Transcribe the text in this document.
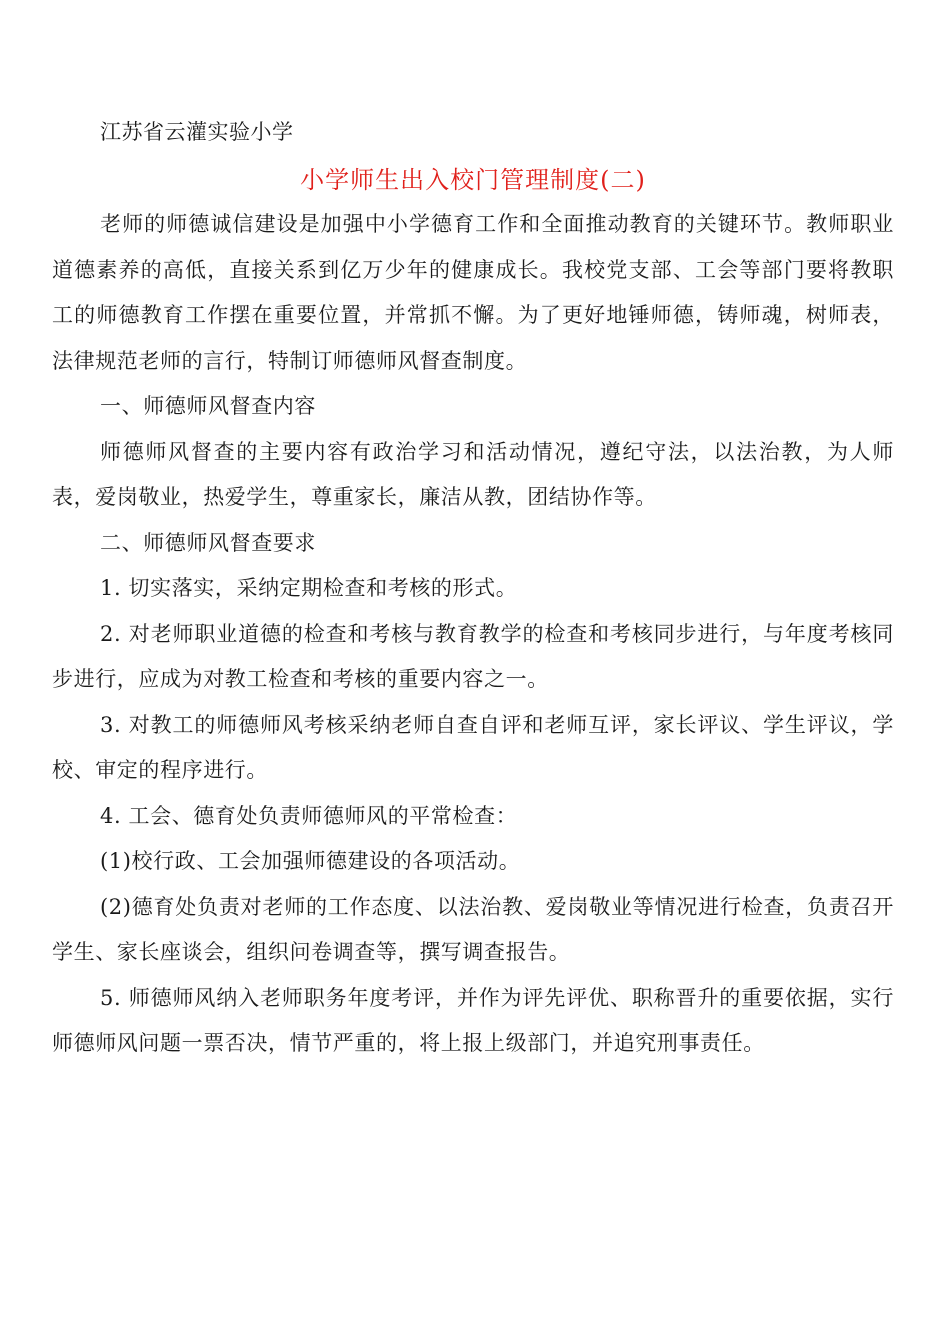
江苏省云灌实验小学

小学师生出入校门管理制度(二)

老师的师德诚信建设是加强中小学德育工作和全面推动教育的关键环节。教师职业道德素养的高低，直接关系到亿万少年的健康成长。我校党支部、工会等部门要将教职工的师德教育工作摆在重要位置，并常抓不懈。为了更好地锤师德，铸师魂，树师表，法律规范老师的言行，特制订师德师风督查制度。

一、师德师风督查内容

师德师风督查的主要内容有政治学习和活动情况，遵纪守法，以法治教，为人师表，爱岗敬业，热爱学生，尊重家长，廉洁从教，团结协作等。

二、师德师风督查要求

1. 切实落实，采纳定期检查和考核的形式。

2. 对老师职业道德的检查和考核与教育教学的检查和考核同步进行，与年度考核同步进行，应成为对教工检查和考核的重要内容之一。

3. 对教工的师德师风考核采纳老师自查自评和老师互评，家长评议、学生评议，学校、审定的程序进行。

4. 工会、德育处负责师德师风的平常检查：

(1)校行政、工会加强师德建设的各项活动。

(2)德育处负责对老师的工作态度、以法治教、爱岗敬业等情况进行检查，负责召开学生、家长座谈会，组织问卷调查等，撰写调查报告。

5. 师德师风纳入老师职务年度考评，并作为评先评优、职称晋升的重要依据，实行师德师风问题一票否决，情节严重的，将上报上级部门，并追究刑事责任。
